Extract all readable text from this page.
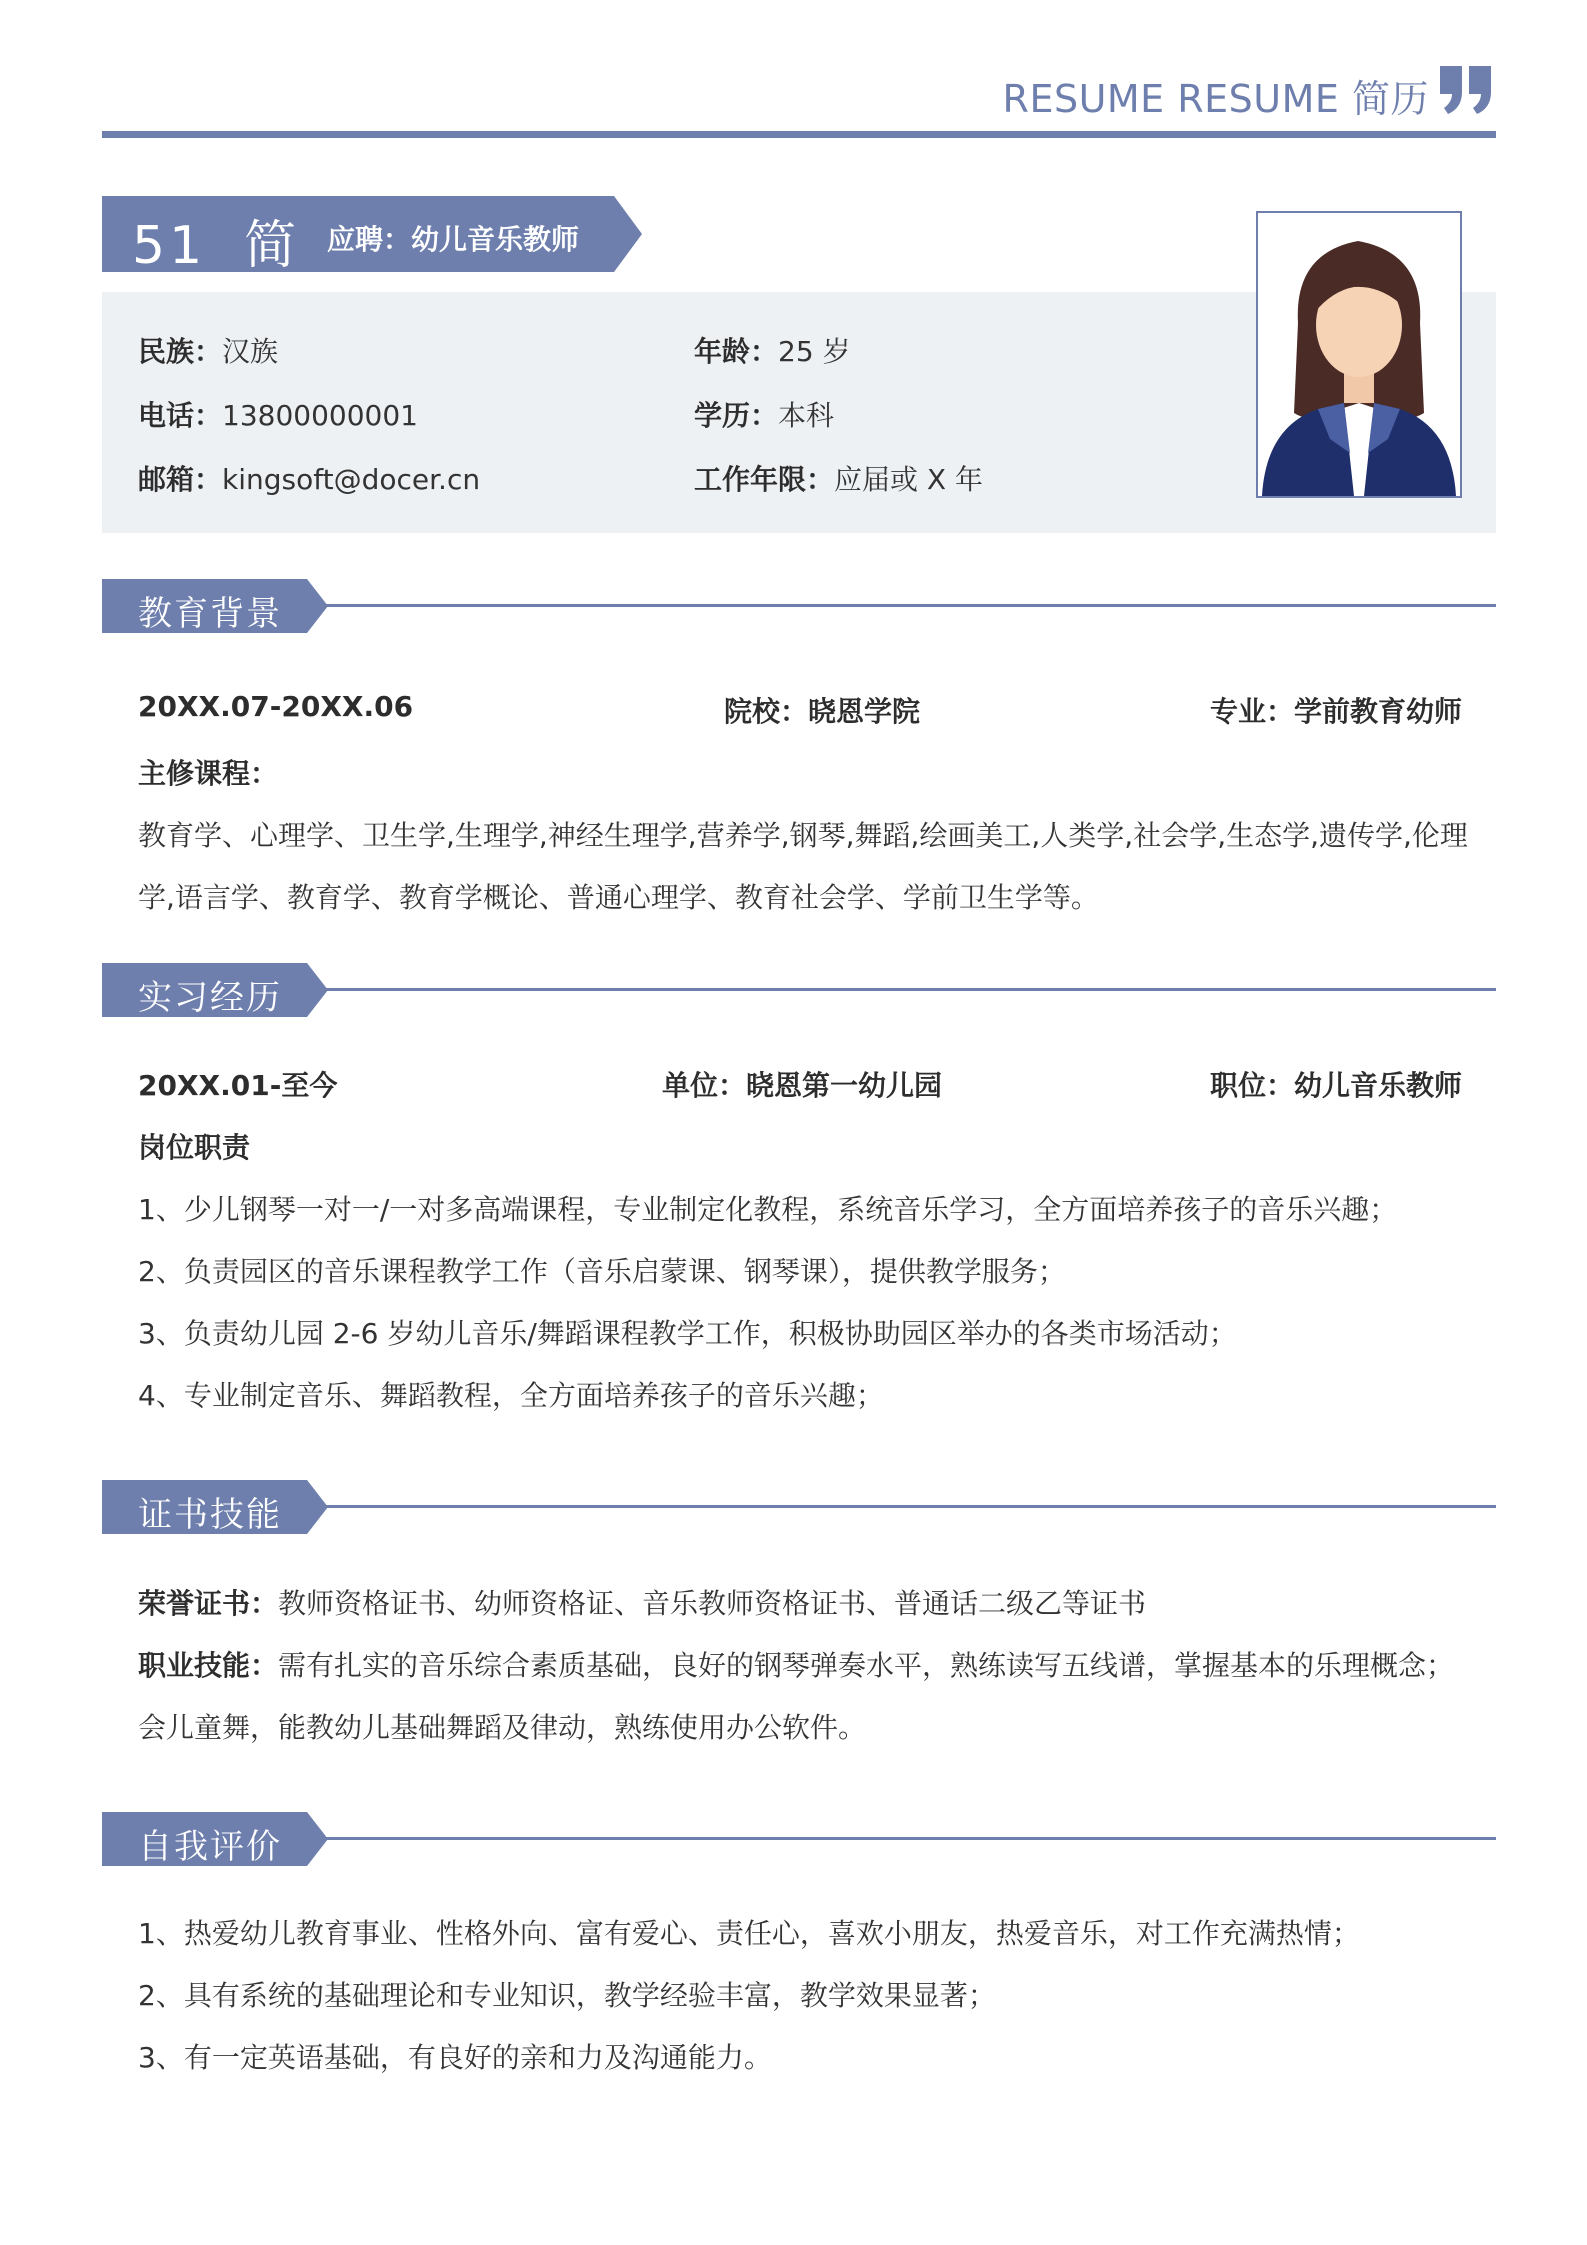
RESUME RESUME 简历
51 简 应聘：幼儿音乐教师
民族：汉族	年龄：25 岁
电话：13800000001	学历：本科
邮箱：kingsoft@docer.cn	工作年限：应届或 X 年
教育背景
20XX.07-20XX.06	院校：晓恩学院	专业：学前教育幼师
主修课程：
教育学、心理学、卫生学,生理学,神经生理学,营养学,钢琴,舞蹈,绘画美工,人类学,社会学,生态学,遗传学,伦理
学,语言学、教育学、教育学概论、普通心理学、教育社会学、学前卫生学等。
实习经历
20XX.01-至今	单位：晓恩第一幼儿园	职位：幼儿音乐教师
岗位职责
1、少儿钢琴一对一/一对多高端课程，专业制定化教程，系统音乐学习，全方面培养孩子的音乐兴趣；
2、负责园区的音乐课程教学工作（音乐启蒙课、钢琴课），提供教学服务；
3、负责幼儿园 2-6 岁幼儿音乐/舞蹈课程教学工作，积极协助园区举办的各类市场活动；
4、专业制定音乐、舞蹈教程，全方面培养孩子的音乐兴趣；
证书技能
荣誉证书：教师资格证书、幼师资格证、音乐教师资格证书、普通话二级乙等证书
职业技能：需有扎实的音乐综合素质基础，良好的钢琴弹奏水平，熟练读写五线谱，掌握基本的乐理概念；
会儿童舞，能教幼儿基础舞蹈及律动，熟练使用办公软件。
自我评价
1、热爱幼儿教育事业、性格外向、富有爱心、责任心，喜欢小朋友，热爱音乐，对工作充满热情；
2、具有系统的基础理论和专业知识，教学经验丰富，教学效果显著；
3、有一定英语基础，有良好的亲和力及沟通能力。
